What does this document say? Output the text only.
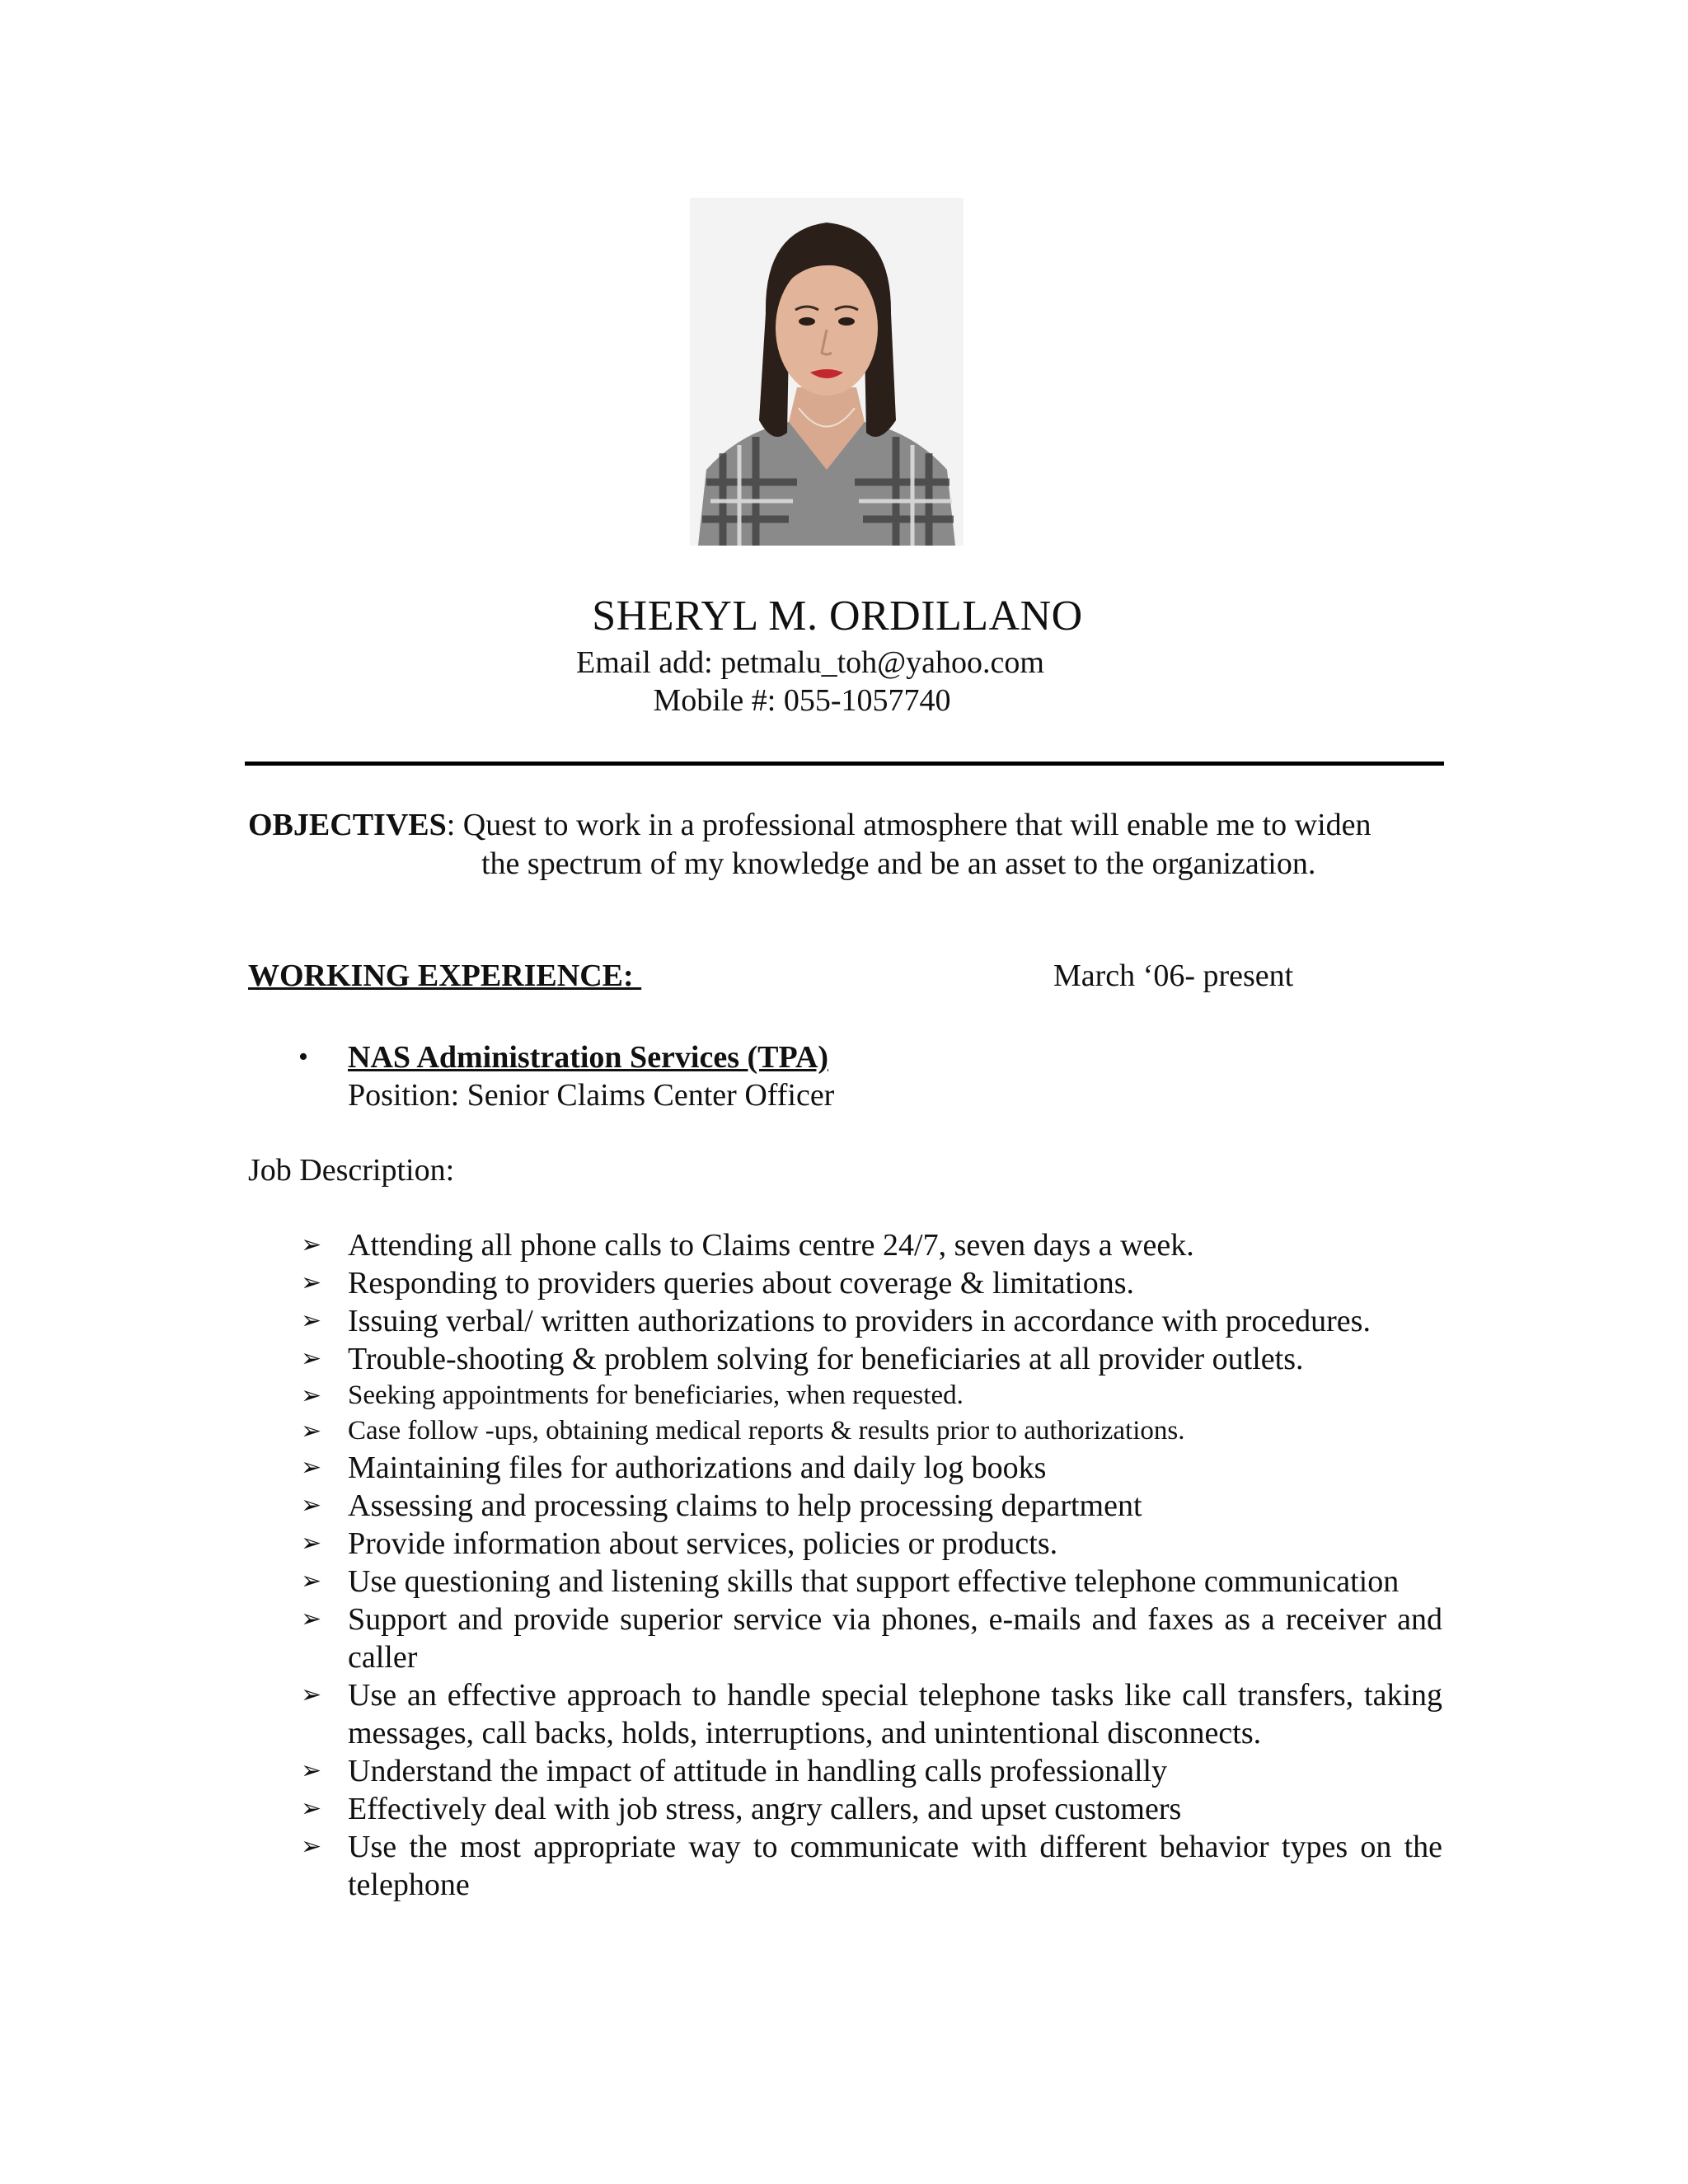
SHERYL M. ORDILLANO
Email add: petmalu_toh@yahoo.com
Mobile #: 055-1057740
OBJECTIVES: Quest to work in a professional atmosphere that will enable me to widen
the spectrum of my knowledge and be an asset to the organization.
WORKING EXPERIENCE:	March ‘06- present
• NAS Administration Services (TPA)
Position: Senior Claims Center Officer
Job Description:
➢ Attending all phone calls to Claims centre 24/7, seven days a week.
➢ Responding to providers queries about coverage & limitations.
➢ Issuing verbal/ written authorizations to providers in accordance with procedures.
➢ Trouble-shooting & problem solving for beneficiaries at all provider outlets.
➢ Seeking appointments for beneficiaries, when requested.
➢ Case follow -ups, obtaining medical reports & results prior to authorizations.
➢ Maintaining files for authorizations and daily log books
➢ Assessing and processing claims to help processing department
➢ Provide information about services, policies or products.
➢ Use questioning and listening skills that support effective telephone communication
➢ Support and provide superior service via phones, e-mails and faxes as a receiver and caller
➢ Use an effective approach to handle special telephone tasks like call transfers, taking messages, call backs, holds, interruptions, and unintentional disconnects.
➢ Understand the impact of attitude in handling calls professionally
➢ Effectively deal with job stress, angry callers, and upset customers
➢ Use the most appropriate way to communicate with different behavior types on the telephone
